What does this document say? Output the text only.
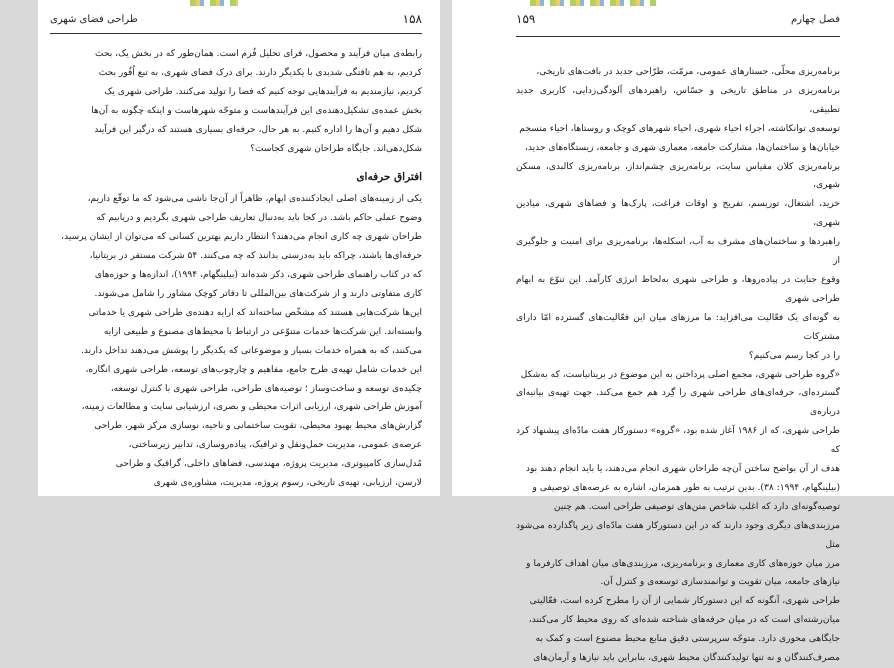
طراحی فضای شهری	۱۵۸

رابطه‌ی میان فرآیند و محصول، فرای تحلیل فُرم است. همان‌طور که در بخش یک، بحث

کردیم، به هم تافتگی شدیدی با یکدیگر دارند. برای درک فضای شهری، به تبع اُفُور بحث

کردیم، نیازمندیم به فرآیندهایی توجه کنیم که فضا را تولید می‌کنند. طراحی شهری یک

بخش عمده‌ی تشکیل‌دهنده‌ی این فرآیندهاست و متوجّه شهرهاست و اینکه چگونه به آن‌ها

شکل دهیم و آن‌ها را اداره کنیم. به هر حال، حرفه‌ای بسیاری هستند که درگیر این فرآیند

شکل‌دهی‌اند. جایگاه طراحان شهری کجاست؟

افتراق حرفه‌ای

یکی از زمینه‌های اصلی ایجادکننده‌ی ابهام، ظاهراً از آن‌جا ناشی می‌شود که ما توقّع داریم،

وضوح عملی حاکم باشد. در کجا باید به‌دنبال تعاریف طراحی شهری بگردیم و دریابیم که

طراحان شهری چه کاری انجام می‌دهند؟ انتظار داریم بهترین کسانی که می‌توان از ایشان پرسید،

حرفه‌ای‌ها باشند، چراکه باید به‌درستی بدانند که چه می‌کنند. ۵۴ شرکت مستقر در بریتانیا،

که در کتاب راهنمای طراحی شهری، ذکر شده‌اند (بیلینگهام، ۱۹۹۴)، اندازه‌ها و حوزه‌های

کاری متفاوتی دارند و از شرکت‌های بین‌المللی تا دفاتر کوچک مشاور را شامل می‌شوند.

این‌ها شرکت‌هایی هستند که مشخّص ساخته‌اند که ارایه دهنده‌ی طراحی شهری یا خدماتی

وابسته‌اند. این شرکت‌ها خدمات متنوّعی در ارتباط با محیط‌های مصنوع و طبیعی ارایه

می‌کنند، که به همراه خدمات بسیار و موضوعاتی که یکدیگر را پوشش می‌دهند تداخل دارند.

این خدمات شامل تهیه‌ی طرح جامع، مفاهیم و چارچوب‌های توسعه، طراحی شهری انگاره،

چکیده‌ی توسعه و ساخت‌وساز ؛ توصیه‌های طراحی، طراحی شهری با کنترل توسعه،

آموزش طراحی شهری، ارزیابی اثرات محیطی و بصری، ارزشیابی سایت و مطالعات زمینه،

گزارش‌های محیط بهبود محیطی، تقویت ساختمانی و ناحیه، نوسازی مرکز شهر، طراحی

عرصه‌ی عمومی، مدیریت حمل‌ونقل و ترافیک، پیاده‌روسازی، تدابیر زیرساختی،

مُدل‌سازی کامپیوتری، مدیریت پروژه، مهندسی، فضاهای داخلی، گرافیک و طراحی

لارسن، ارزیابی، تهیه‌ی تاریخی، رسوم پروژه، مدیریت، مشاوره‌ی شهری

۱۵۹	فصل چهارم

برنامه‌ریزی محلّی، جستارهای عمومی، مرمّت، طرّاحی جدید در بافت‌های تاریخی،

برنامه‌ریزی در مناطق تاریخی و حسّاس، راهبردهای آلودگی‌زدایی، کاربری جدید تطبیقی،

توسعه‌ی توانکاشته، اجراء احیاء شهری، احیاء شهرهای کوچک و روستاها، احیاء منسجم

خیابان‌ها و ساختمان‌ها، مشارکت جامعه، معماری شهری و جامعه، زیستگاه‌های جدید،

برنامه‌ریزی کلان مقیاس سایت، برنامه‌ریزی چشم‌انداز، برنامه‌ریزی کالبدی، مسکن شهری،

خرید، اشتغال، توریسم، تفریح و اوقات فراغت، پارک‌ها و فضاهای شهری، میادین شهری،

راهبردها و ساختمان‌های مشرف به آب، اسکله‌ها، برنامه‌ریزی برای امنیت و جلوگیری از

وقوع جنایت در پیاده‌روها، و طراحی شهری به‌لحاظ انرژی کارآمد. این تنوّع به ابهام طراحی شهری

به گونه‌ای یک فعّالیت می‌افزاید: ما مرزهای میان این فعّالیت‌های گسترده امّا دارای مشترکات

را در کجا رسم می‌کنیم؟

«گروه طراحی شهری، مجمع اصلی پرداختن به این موضوع در بریتانیاست، که به‌شکل

گسترده‌ای، حرفه‌ای‌های طراحی شهری را گِرد هم جمع می‌کند. جهت تهیه‌ی بیانیه‌ای درباره‌ی

طراحی شهری، که از ۱۹۸۶ آغاز شده بود، «گروه» دستورکار هفت مادّه‌ای پیشنهاد کرد که

هدف از آن بواضح ساختن آن‌چه طراحان شهری انجام می‌دهند، یا باید انجام دهند بود

(بیلینگهام، ۱۹۹۴: ۳۸). بدین ترتیب به طور همزمان، اشاره به عرصه‌های توصیفی و

توصیه‌گونه‌ای دارد که اغلب شاخص متن‌های توصیفی طراحی است. هم چنین

مرزبندی‌های دیگری وجود دارند که در این دستورکار هفت مادّه‌ای زیر پاگذارده می‌شود مثل

مرز میان حوزه‌های کاری معماری و برنامه‌ریزی، مرزبندی‌های میان اهداف کارفرما و

نیازهای جامعه، میان تقویت و توانمندسازی توسعه‌ی و کنترل آن.

طراحی شهری، آنگونه که این دستورکار شمایی از آن را مطرح کرده است، فعّالیتی

میان‌رشته‌ای است که در میان حرفه‌های شناخته شده‌ای که روی محیط کار می‌کنند،

جایگاهی محوری دارد. متوجّه سرپرستی دقیق منابع محیط مصنوع است و کمک به

مصرف‌کنندگان و نه تنها تولیدکنندگان محیط شهری، بنابراین باید نیازها و آرمان‌های
